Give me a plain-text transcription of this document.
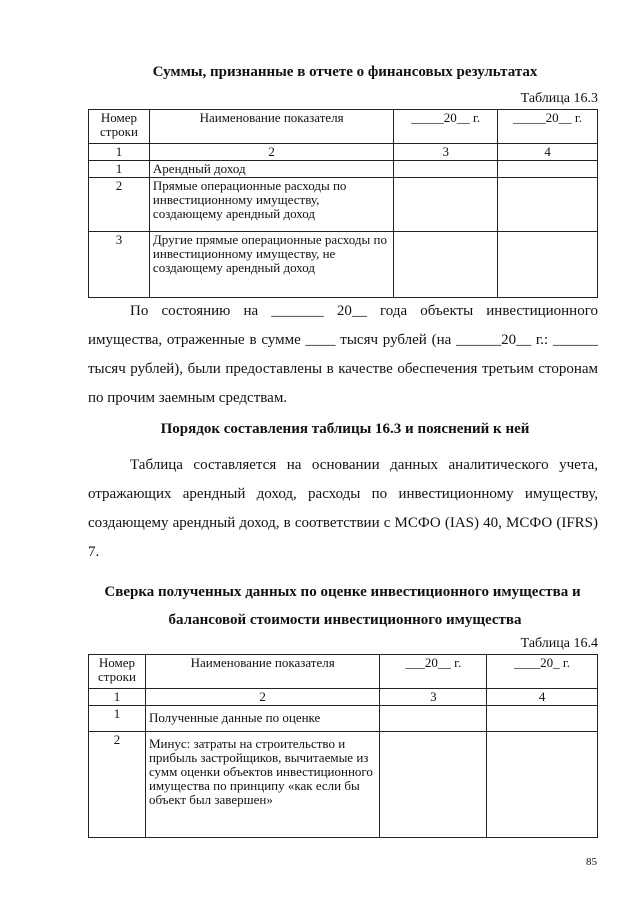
Суммы, признанные в отчете о финансовых результатах
Таблица 16.3
Номер строки	Наименование показателя	_____20__ г.	_____20__ г.
1	2	3	4
1	Арендный доход		
2	Прямые операционные расходы по инвестиционному имуществу, создающему арендный доход		
3	Другие прямые операционные расходы по инвестиционному имуществу, не создающему арендный доход		
По состоянию на _______ 20__ года объекты инвестиционного имущества, отраженные в сумме ____ тысяч рублей (на ______20__ г.: ______ тысяч рублей), были предоставлены в качестве обеспечения третьим сторонам по прочим заемным средствам.
Порядок составления таблицы 16.3 и пояснений к ней
Таблица составляется на основании данных аналитического учета, отражающих арендный доход, расходы по инвестиционному имуществу, создающему арендный доход, в соответствии с МСФО (IAS) 40, МСФО (IFRS) 7.
Сверка полученных данных по оценке инвестиционного имущества и
балансовой стоимости инвестиционного имущества
Таблица 16.4
Номер строки	Наименование показателя	___20__ г.	____20_ г.
1	2	3	4
1	Полученные данные по оценке		
2	Минус: затраты на строительство и прибыль застройщиков, вычитаемые из сумм оценки объектов инвестиционного имущества по принципу «как если бы объект был завершен»		
85
